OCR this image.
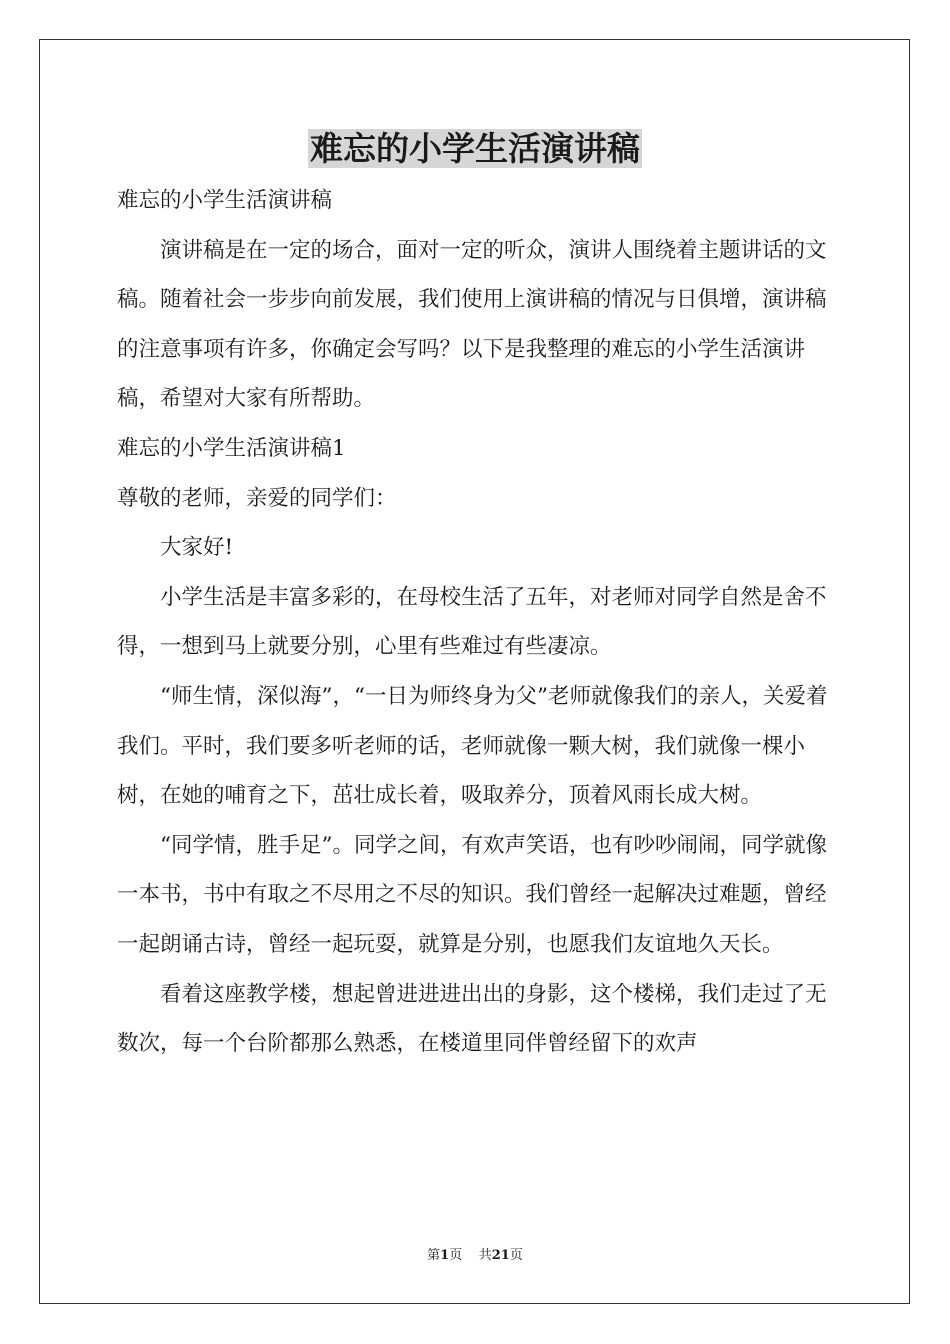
难忘的小学生活演讲稿

难忘的小学生活演讲稿

演讲稿是在一定的场合，面对一定的听众，演讲人围绕着主题讲话的文稿。随着社会一步步向前发展，我们使用上演讲稿的情况与日俱增，演讲稿的注意事项有许多，你确定会写吗？以下是我整理的难忘的小学生活演讲稿，希望对大家有所帮助。

难忘的小学生活演讲稿1

尊敬的老师，亲爱的同学们：

大家好!

小学生活是丰富多彩的，在母校生活了五年，对老师对同学自然是舍不得，一想到马上就要分别，心里有些难过有些凄凉。

“师生情，深似海”，“一日为师终身为父”老师就像我们的亲人，关爱着我们。平时，我们要多听老师的话，老师就像一颗大树，我们就像一棵小树，在她的哺育之下，茁壮成长着，吸取养分，顶着风雨长成大树。

“同学情，胜手足”。同学之间，有欢声笑语，也有吵吵闹闹，同学就像一本书，书中有取之不尽用之不尽的知识。我们曾经一起解决过难题，曾经一起朗诵古诗，曾经一起玩耍，就算是分别，也愿我们友谊地久天长。

看着这座教学楼，想起曾进进进出出的身影，这个楼梯，我们走过了无数次，每一个台阶都那么熟悉，在楼道里同伴曾经留下的欢声

第1页 共21页
